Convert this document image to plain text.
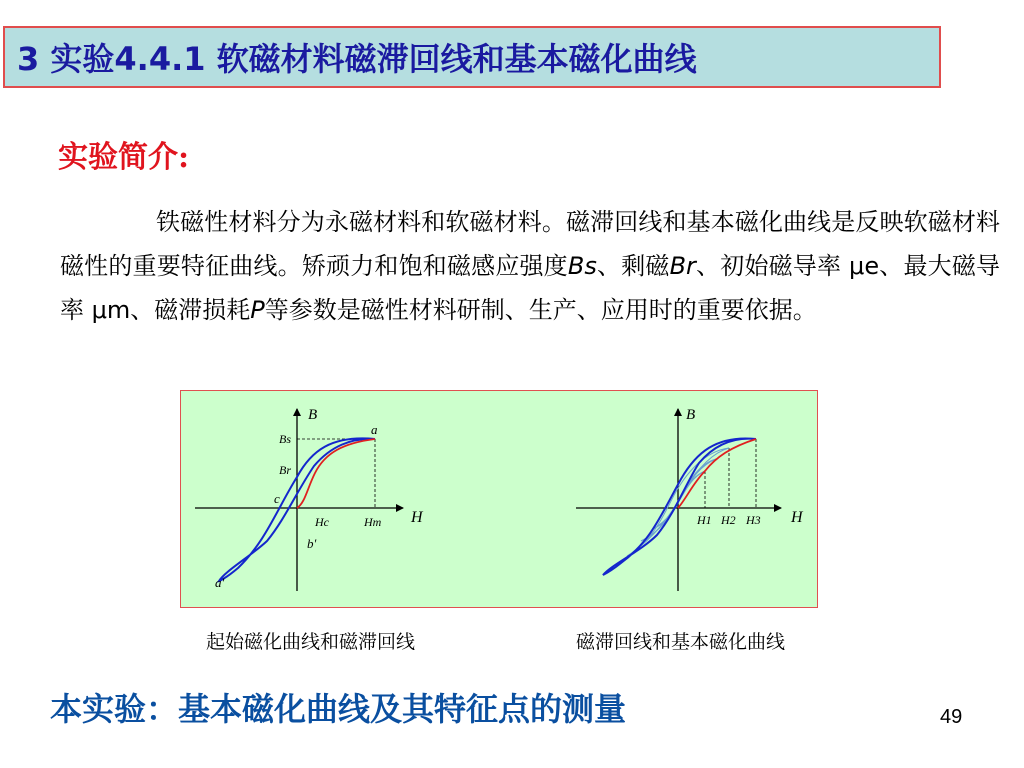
3 实验4.4.1 软磁材料磁滞回线和基本磁化曲线
实验简介:
铁磁性材料分为永磁材料和软磁材料。磁滞回线和基本磁化曲线是反映软磁材料磁性的重要特征曲线。矫顽力和饱和磁感应强度Bs、剩磁Br、初始磁导率 μe、最大磁导率 μm、磁滞损耗P等参数是磁性材料研制、生产、应用时的重要依据。
B
a
Bs
Br
c
Hc	Hm
b′
a′
H
B
H1 H2 H3 H
起始磁化曲线和磁滞回线	磁滞回线和基本磁化曲线
本实验：基本磁化曲线及其特征点的测量	49
